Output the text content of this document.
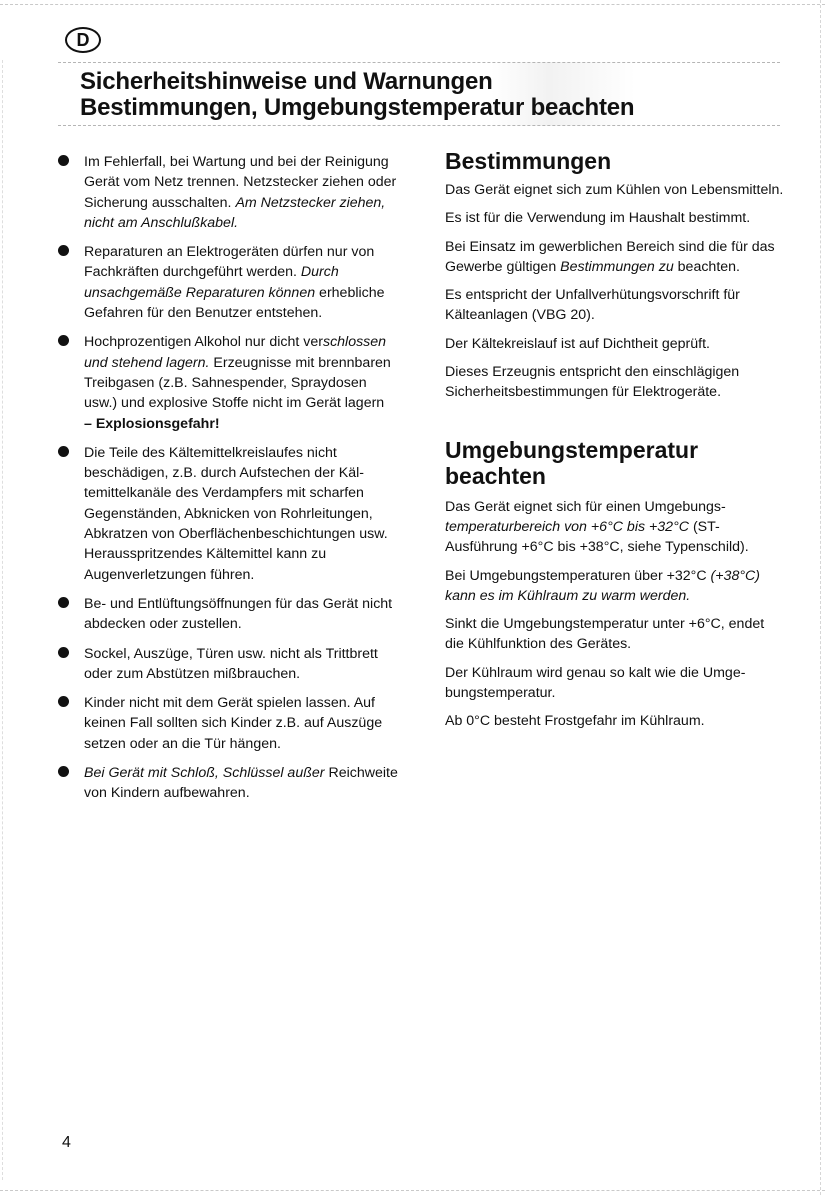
D
Sicherheitshinweise und Warnungen
Bestimmungen, Umgebungstemperatur beachten

Im Fehlerfall, bei Wartung und bei der Reinigung Gerät vom Netz trennen. Netzstecker ziehen oder Sicherung ausschalten. Am Netzstecker ziehen, nicht am Anschlußkabel.

Reparaturen an Elektrogeräten dürfen nur von Fachkräften durchgeführt werden. Durch unsachgemäße Reparaturen können erhebliche Gefahren für den Benutzer entstehen.

Hochprozentigen Alkohol nur dicht verschlossen und stehend lagern. Erzeugnisse mit brennbaren Treibgasen (z.B. Sahnespender, Spraydosen usw.) und explosive Stoffe nicht im Gerät lagern
– Explosionsgefahr!

Die Teile des Kältemittelkreislaufes nicht beschädigen, z.B. durch Aufstechen der Kältemittelkanäle des Verdampfers mit scharfen Gegenständen, Abknicken von Rohrleitungen, Abkratzen von Oberflächenbeschichtungen usw.
Herausspritzendes Kältemittel kann zu Augenverletzungen führen.

Be- und Entlüftungsöffnungen für das Gerät nicht abdecken oder zustellen.

Sockel, Auszüge, Türen usw. nicht als Trittbrett oder zum Abstützen mißbrauchen.

Kinder nicht mit dem Gerät spielen lassen. Auf keinen Fall sollten sich Kinder z.B. auf Auszüge setzen oder an die Tür hängen.

Bei Gerät mit Schloß, Schlüssel außer Reichweite von Kindern aufbewahren.

Bestimmungen

Das Gerät eignet sich zum Kühlen von Lebensmitteln.

Es ist für die Verwendung im Haushalt bestimmt.

Bei Einsatz im gewerblichen Bereich sind die für das Gewerbe gültigen Bestimmungen zu beachten.

Es entspricht der Unfallverhütungsvorschrift für Kälteanlagen (VBG 20).

Der Kältekreislauf ist auf Dichtheit geprüft.

Dieses Erzeugnis entspricht den einschlägigen Sicherheitsbestimmungen für Elektrogeräte.

Umgebungstemperatur
beachten

Das Gerät eignet sich für einen Umgebungstemperaturbereich von +6°C bis +32°C (ST-Ausführung +6°C bis +38°C, siehe Typenschild).

Bei Umgebungstemperaturen über +32°C (+38°C) kann es im Kühlraum zu warm werden.

Sinkt die Umgebungstemperatur unter +6°C, endet die Kühlfunktion des Gerätes.

Der Kühlraum wird genau so kalt wie die Umgebungstemperatur.

Ab 0°C besteht Frostgefahr im Kühlraum.

4
